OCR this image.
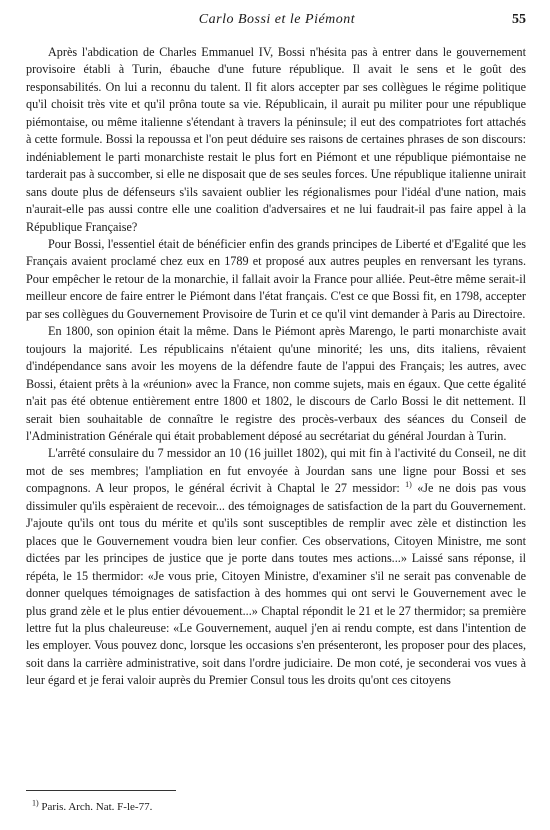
Carlo Bossi et le Piémont	55

Après l'abdication de Charles Emmanuel IV, Bossi n'hésita pas à entrer dans le gouvernement provisoire établi à Turin, ébauche d'une future république. Il avait le sens et le goût des responsabilités. On lui a reconnu du talent. Il fit alors accepter par ses collègues le régime politique qu'il choisit très vite et qu'il prôna toute sa vie. Républicain, il aurait pu militer pour une république piémontaise, ou même italienne s'étendant à travers la péninsule; il eut des compatriotes fort attachés à cette formule. Bossi la repoussa et l'on peut déduire ses raisons de certaines phrases de son discours: indéniablement le parti monarchiste restait le plus fort en Piémont et une république piémontaise ne tarderait pas à succomber, si elle ne disposait que de ses seules forces. Une république italienne unirait sans doute plus de défenseurs s'ils savaient oublier les régionalismes pour l'idéal d'une nation, mais n'aurait-elle pas aussi contre elle une coalition d'adversaires et ne lui faudrait-il pas faire appel à la République Française?

Pour Bossi, l'essentiel était de bénéficier enfin des grands principes de Liberté et d'Egalité que les Français avaient proclamé chez eux en 1789 et proposé aux autres peuples en renversant les tyrans. Pour empêcher le retour de la monarchie, il fallait avoir la France pour alliée. Peut-être même serait-il meilleur encore de faire entrer le Piémont dans l'état français. C'est ce que Bossi fit, en 1798, accepter par ses collègues du Gouvernement Provisoire de Turin et ce qu'il vint demander à Paris au Directoire.

En 1800, son opinion était la même. Dans le Piémont après Marengo, le parti monarchiste avait toujours la majorité. Les républicains n'étaient qu'une minorité; les uns, dits italiens, rêvaient d'indépendance sans avoir les moyens de la défendre faute de l'appui des Français; les autres, avec Bossi, étaient prêts à la «réunion» avec la France, non comme sujets, mais en égaux. Que cette égalité n'ait pas été obtenue entièrement entre 1800 et 1802, le discours de Carlo Bossi le dit nettement. Il serait bien souhaitable de connaître le registre des procès-verbaux des séances du Conseil de l'Administration Générale qui était probablement déposé au secrétariat du général Jourdan à Turin.

L'arrêté consulaire du 7 messidor an 10 (16 juillet 1802), qui mit fin à l'activité du Conseil, ne dit mot de ses membres; l'ampliation en fut envoyée à Jourdan sans une ligne pour Bossi et ses compagnons. A leur propos, le général écrivit à Chaptal le 27 messidor: $^{1)}$ «Je ne dois pas vous dissimuler qu'ils espèraient de recevoir... des témoignages de satisfaction de la part du Gouvernement. J'ajoute qu'ils ont tous du mérite et qu'ils sont susceptibles de remplir avec zèle et distinction les places que le Gouvernement voudra bien leur confier. Ces observations, Citoyen Ministre, me sont dictées par les principes de justice que je porte dans toutes mes actions...» Laissé sans réponse, il répéta, le 15 thermidor: «Je vous prie, Citoyen Ministre, d'examiner s'il ne serait pas convenable de donner quelques témoignages de satisfaction à des hommes qui ont servi le Gouvernement avec le plus grand zèle et le plus entier dévouement...» Chaptal répondit le 21 et le 27 thermidor; sa première lettre fut la plus chaleureuse: «Le Gouvernement, auquel j'en ai rendu compte, est dans l'intention de les employer. Vous pouvez donc, lorsque les occasions s'en présenteront, les proposer pour des places, soit dans la carrière administrative, soit dans l'ordre judiciaire. De mon coté, je seconderai vos vues à leur égard et je ferai valoir auprès du Premier Consul tous les droits qu'ont ces citoyens

$^{1)}$ Paris. Arch. Nat. F-le-77.
